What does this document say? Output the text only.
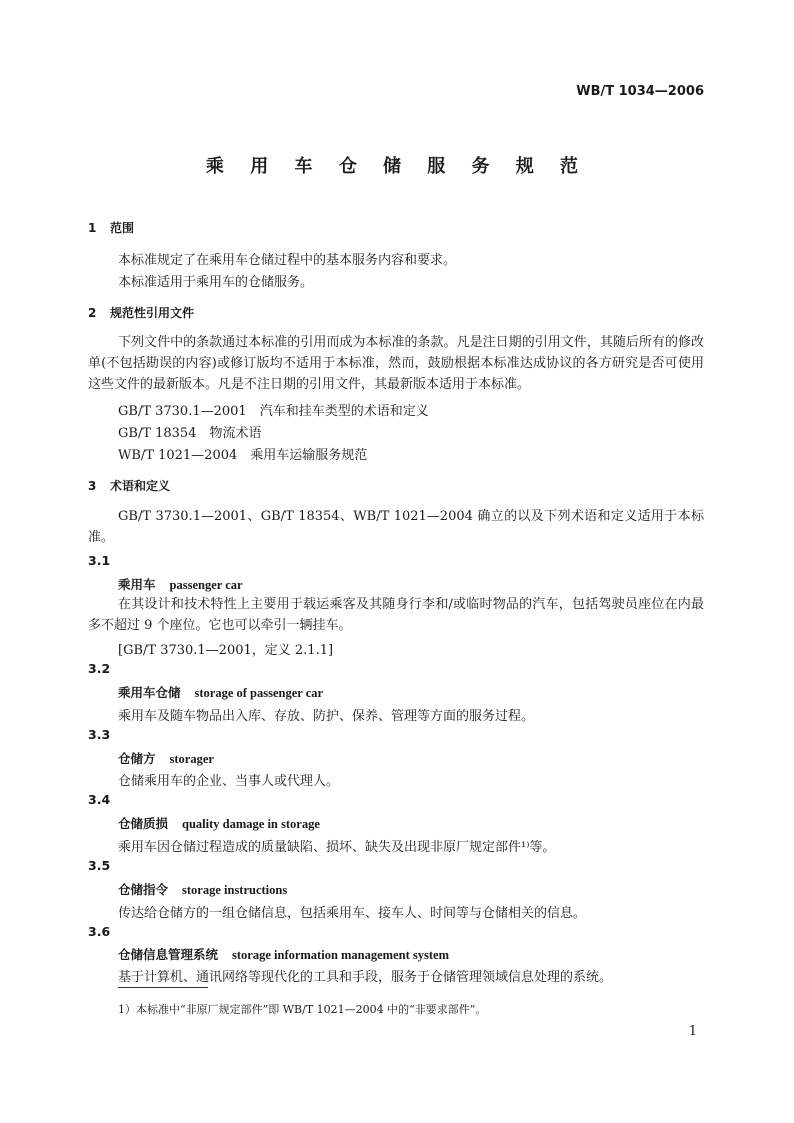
WB/T 1034—2006
乘 用 车 仓 储 服 务 规 范
1 范围
本标准规定了在乘用车仓储过程中的基本服务内容和要求。
本标准适用于乘用车的仓储服务。
2 规范性引用文件
下列文件中的条款通过本标准的引用而成为本标准的条款。凡是注日期的引用文件，其随后所有的修改单(不包括勘误的内容)或修订版均不适用于本标准，然而，鼓励根据本标准达成协议的各方研究是否可使用这些文件的最新版本。凡是不注日期的引用文件，其最新版本适用于本标准。
GB/T 3730.1—2001　汽车和挂车类型的术语和定义
GB/T 18354　物流术语
WB/T 1021—2004　乘用车运输服务规范
3 术语和定义
GB/T 3730.1—2001、GB/T 18354、WB/T 1021—2004 确立的以及下列术语和定义适用于本标准。
3.1
乘用车 passenger car
在其设计和技术特性上主要用于载运乘客及其随身行李和/或临时物品的汽车，包括驾驶员座位在内最多不超过 9 个座位。它也可以牵引一辆挂车。
[GB/T 3730.1—2001，定义 2.1.1]
3.2
乘用车仓储 storage of passenger car
乘用车及随车物品出入库、存放、防护、保养、管理等方面的服务过程。
3.3
仓储方 storager
仓储乘用车的企业、当事人或代理人。
3.4
仓储质损 quality damage in storage
乘用车因仓储过程造成的质量缺陷、损坏、缺失及出现非原厂规定部件¹⁾等。
3.5
仓储指令 storage instructions
传达给仓储方的一组仓储信息，包括乘用车、接车人、时间等与仓储相关的信息。
3.6
仓储信息管理系统 storage information management system
基于计算机、通讯网络等现代化的工具和手段，服务于仓储管理领域信息处理的系统。
1）本标准中“非原厂规定部件”即 WB/T 1021—2004 中的“非要求部件”。
1
